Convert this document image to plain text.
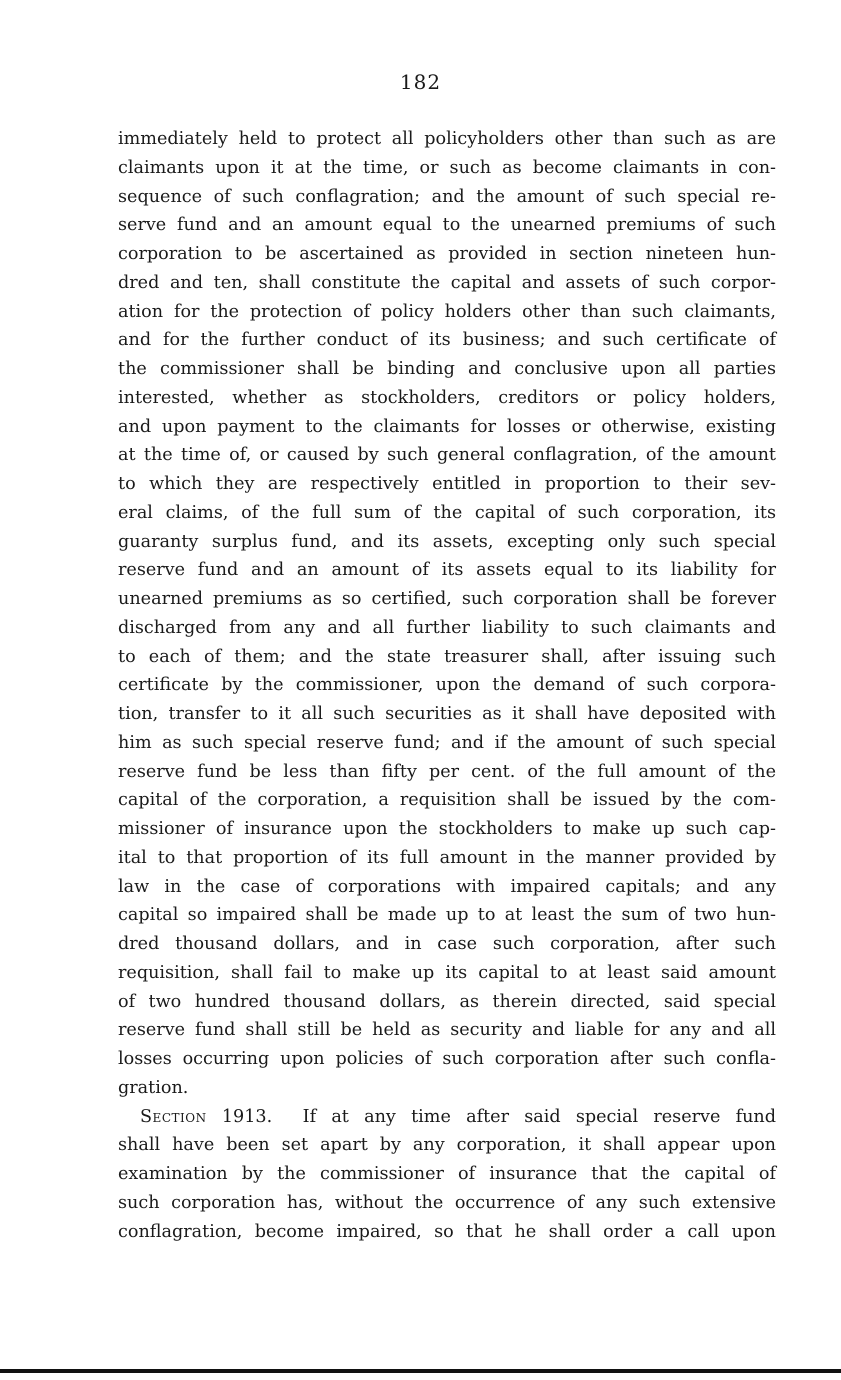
182
immediately held to protect all policyholders other than such as are
claimants upon it at the time, or such as become claimants in con-
sequence of such conflagration; and the amount of such special re-
serve fund and an amount equal to the unearned premiums of such
corporation to be ascertained as provided in section nineteen hun-
dred and ten, shall constitute the capital and assets of such corpor-
ation for the protection of policy holders other than such claimants,
and for the further conduct of its business; and such certificate of
the commissioner shall be binding and conclusive upon all parties
interested, whether as stockholders, creditors or policy holders,
and upon payment to the claimants for losses or otherwise, existing
at the time of, or caused by such general conflagration, of the amount
to which they are respectively entitled in proportion to their sev-
eral claims, of the full sum of the capital of such corporation, its
guaranty surplus fund, and its assets, excepting only such special
reserve fund and an amount of its assets equal to its liability for
unearned premiums as so certified, such corporation shall be forever
discharged from any and all further liability to such claimants and
to each of them; and the state treasurer shall, after issuing such
certificate by the commissioner, upon the demand of such corpora-
tion, transfer to it all such securities as it shall have deposited with
him as such special reserve fund; and if the amount of such special
reserve fund be less than fifty per cent. of the full amount of the
capital of the corporation, a requisition shall be issued by the com-
missioner of insurance upon the stockholders to make up such cap-
ital to that proportion of its full amount in the manner provided by
law in the case of corporations with impaired capitals; and any
capital so impaired shall be made up to at least the sum of two hun-
dred thousand dollars, and in case such corporation, after such
requisition, shall fail to make up its capital to at least said amount
of two hundred thousand dollars, as therein directed, said special
reserve fund shall still be held as security and liable for any and all
losses occurring upon policies of such corporation after such confla-
gration.
Section 1913. If at any time after said special reserve fund
shall have been set apart by any corporation, it shall appear upon
examination by the commissioner of insurance that the capital of
such corporation has, without the occurrence of any such extensive
conflagration, become impaired, so that he shall order a call upon
